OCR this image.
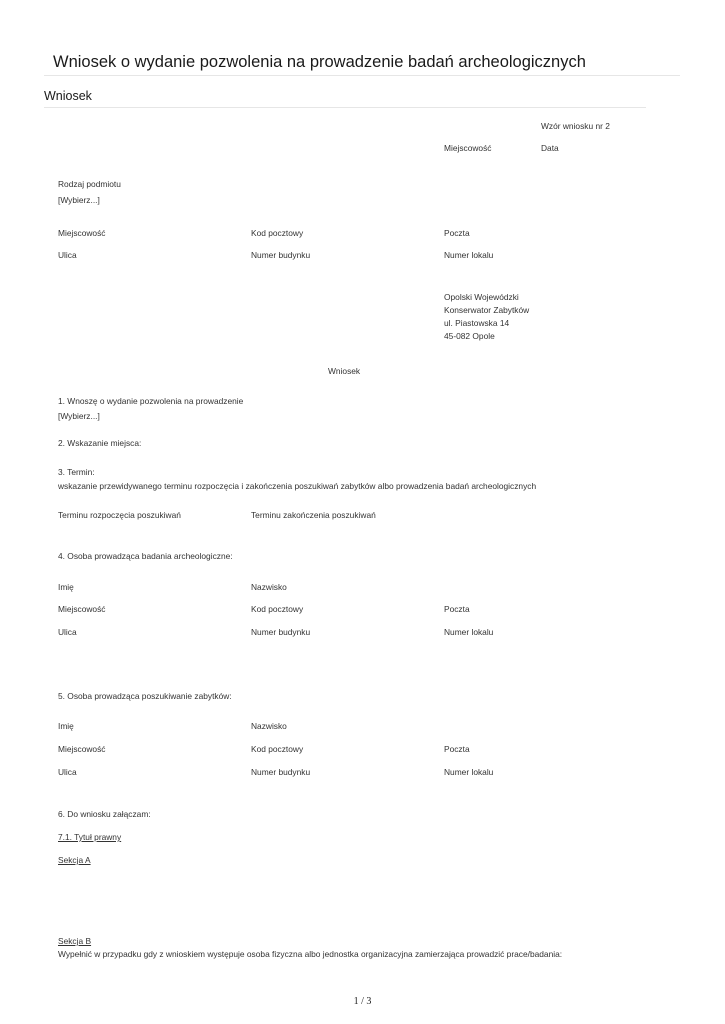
Wniosek o wydanie pozwolenia na prowadzenie badań archeologicznych
Wniosek
Wzór wniosku nr 2
Miejscowość	Data
Rodzaj podmiotu
[Wybierz...]
Miejscowość	Kod pocztowy	Poczta
Ulica	Numer budynku	Numer lokalu
Opolski Wojewódzki
Konserwator Zabytków
ul. Piastowska 14
45-082 Opole
Wniosek
1. Wnoszę o wydanie pozwolenia na prowadzenie
[Wybierz...]
2. Wskazanie miejsca:
3. Termin:
wskazanie przewidywanego terminu rozpoczęcia i zakończenia poszukiwań zabytków albo prowadzenia badań archeologicznych
Terminu rozpoczęcia poszukiwań	Terminu zakończenia poszukiwań
4. Osoba prowadząca badania archeologiczne:
Imię	Nazwisko
Miejscowość	Kod pocztowy	Poczta
Ulica	Numer budynku	Numer lokalu
5. Osoba prowadząca poszukiwanie zabytków:
Imię	Nazwisko
Miejscowość	Kod pocztowy	Poczta
Ulica	Numer budynku	Numer lokalu
6. Do wniosku załączam:
7.1. Tytuł prawny
Sekcja A
Sekcja B
Wypełnić w przypadku gdy z wnioskiem występuje osoba fizyczna albo jednostka organizacyjna zamierzająca prowadzić prace/badania:
1 / 3
